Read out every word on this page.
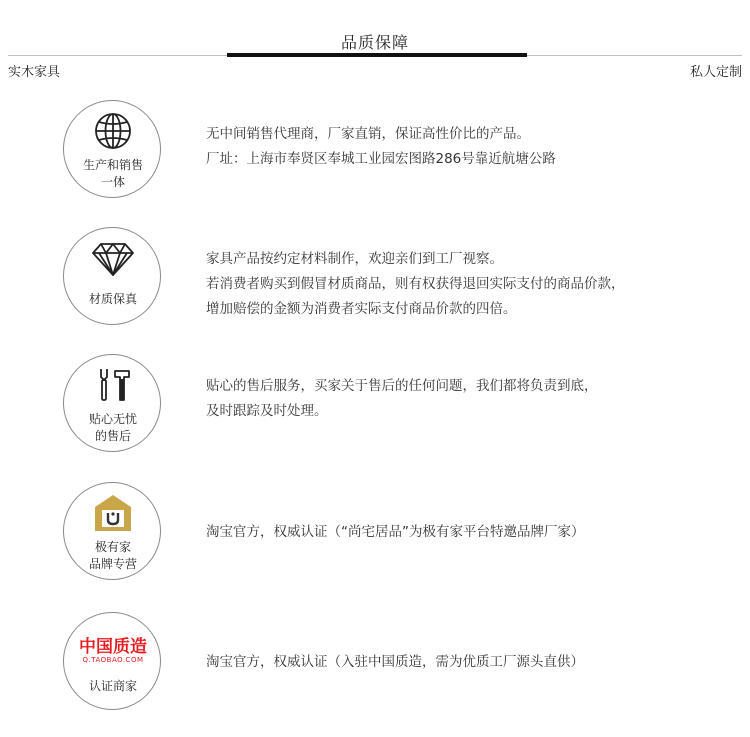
品质保障
实木家具	私人定制
生产和销售
一体
无中间销售代理商，厂家直销，保证高性价比的产品。
厂址：上海市奉贤区奉城工业园宏图路286号靠近航塘公路
材质保真
家具产品按约定材料制作，欢迎亲们到工厂视察。
若消费者购买到假冒材质商品，则有权获得退回实际支付的商品价款，
增加赔偿的金额为消费者实际支付商品价款的四倍。
贴心无忧
的售后
贴心的售后服务，买家关于售后的任何问题，我们都将负责到底，
及时跟踪及时处理。
极有家
品牌专营
淘宝官方，权威认证（“尚宅居品”为极有家平台特邀品牌厂家）
中国质造
Q.TAOBAO.COM
认证商家
淘宝官方，权威认证（入驻中国质造，需为优质工厂源头直供）
